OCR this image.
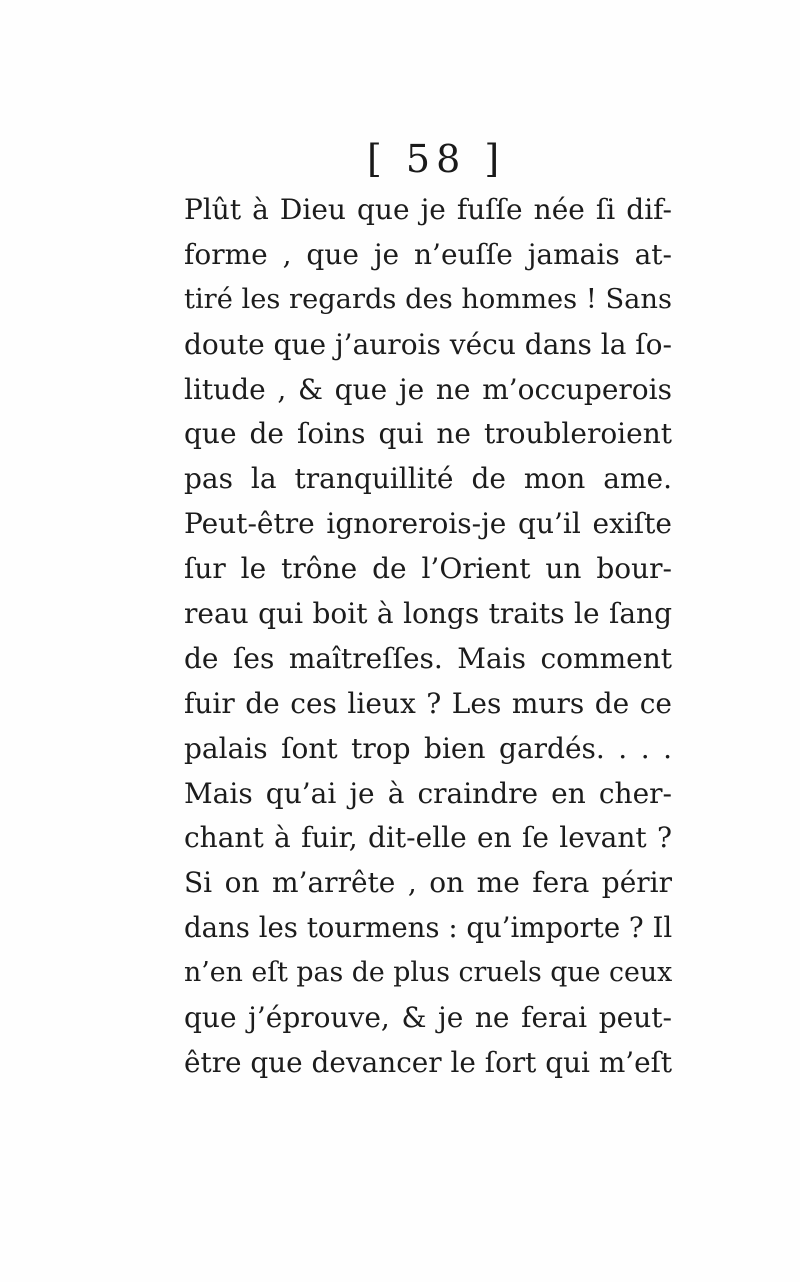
[ 58 ]
Plût à Dieu que je fuſſe née ſi dif-
forme , que je n’euſſe jamais at-
tiré les regards des hommes ! Sans
doute que j’aurois vécu dans la ſo-
litude , & que je ne m’occuperois
que de ſoins qui ne troubleroient
pas la tranquillité de mon ame.
Peut-être ignorerois-je qu’il exiſte
ſur le trône de l’Orient un bour-
reau qui boit à longs traits le ſang
de ſes maîtreſſes. Mais comment
fuir de ces lieux ? Les murs de ce
palais ſont trop bien gardés. . . .
Mais qu’ai je à craindre en cher-
chant à fuir, dit-elle en ſe levant ?
Si on m’arrête , on me fera périr
dans les tourmens : qu’importe ? Il
n’en eſt pas de plus cruels que ceux
que j’éprouve, & je ne ferai peut-
être que devancer le ſort qui m’eſt
